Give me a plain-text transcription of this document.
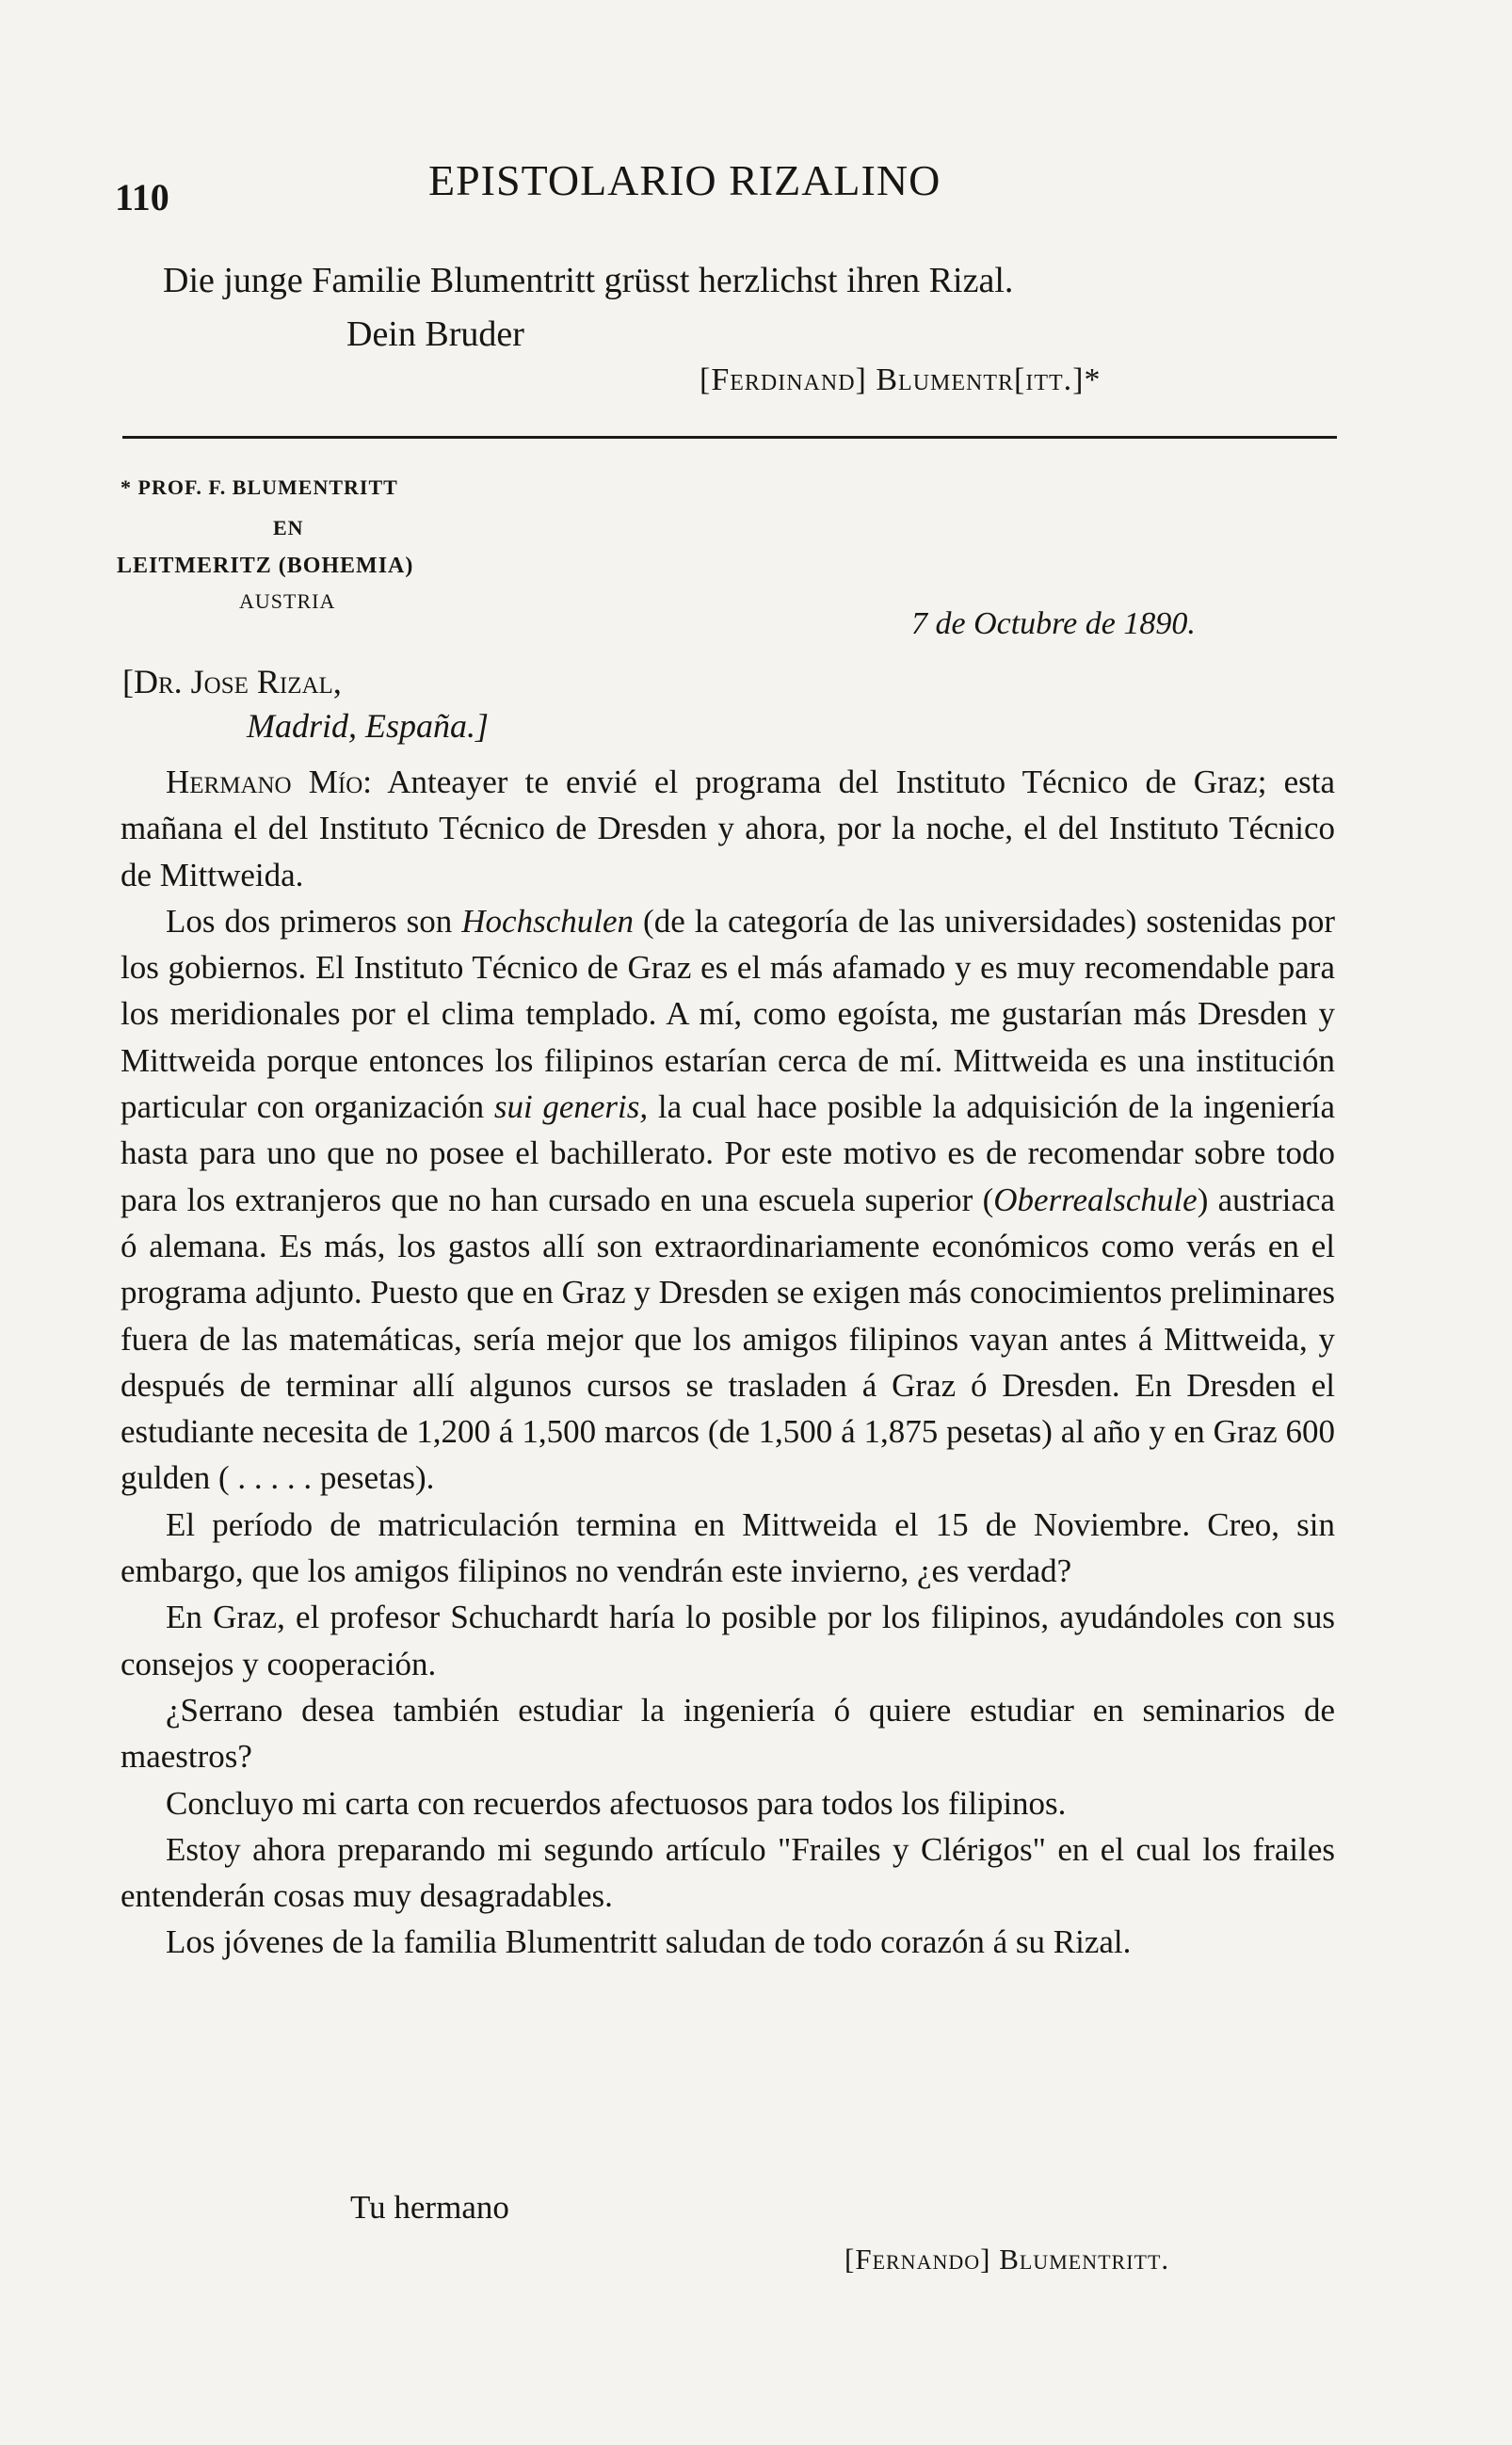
110	EPISTOLARIO RIZALINO
Die junge Familie Blumentritt grüsst herzlichst ihren Rizal.
Dein Bruder
[Ferdinand] Blumentr[itt.]*
* PROF. F. BLUMENTRITT
EN
LEITMERITZ (BOHEMIA)
AUSTRIA
7 de Octubre de 1890.
[Dr. Jose Rizal,
Madrid, España.]

Hermano Mío: Anteayer te envié el programa del Instituto Técnico de Graz; esta mañana el del Instituto Técnico de Dresden y ahora, por la noche, el del Instituto Técnico de Mittweida.

Los dos primeros son Hochschulen (de la categoría de las universidades) sostenidas por los gobiernos. El Instituto Técnico de Graz es el más afamado y es muy recomendable para los meridionales por el clima templado. A mí, como egoísta, me gustarían más Dresden y Mittweida porque entonces los filipinos estarían cerca de mí. Mittweida es una institución particular con organización sui generis, la cual hace posible la adquisición de la ingeniería hasta para uno que no posee el bachillerato. Por este motivo es de recomendar sobre todo para los extranjeros que no han cursado en una escuela superior (Oberrealschule) austriaca ó alemana. Es más, los gastos allí son extraordinariamente económicos como verás en el programa adjunto. Puesto que en Graz y Dresden se exigen más conocimientos preliminares fuera de las matemáticas, sería mejor que los amigos filipinos vayan antes á Mittweida, y después de terminar allí algunos cursos se trasladen á Graz ó Dresden. En Dresden el estudiante necesita de 1,200 á 1,500 marcos (de 1,500 á 1,875 pesetas) al año y en Graz 600 gulden ( . . . . . pesetas).

El período de matriculación termina en Mittweida el 15 de Noviembre. Creo, sin embargo, que los amigos filipinos no vendrán este invierno, ¿es verdad?

En Graz, el profesor Schuchardt haría lo posible por los filipinos, ayudándoles con sus consejos y cooperación.

¿Serrano desea también estudiar la ingeniería ó quiere estudiar en seminarios de maestros?

Concluyo mi carta con recuerdos afectuosos para todos los filipinos.

Estoy ahora preparando mi segundo artículo "Frailes y Clérigos" en el cual los frailes entenderán cosas muy desagradables.

Los jóvenes de la familia Blumentritt saludan de todo corazón á su Rizal.

Tu hermano
[Fernando] Blumentritt.
